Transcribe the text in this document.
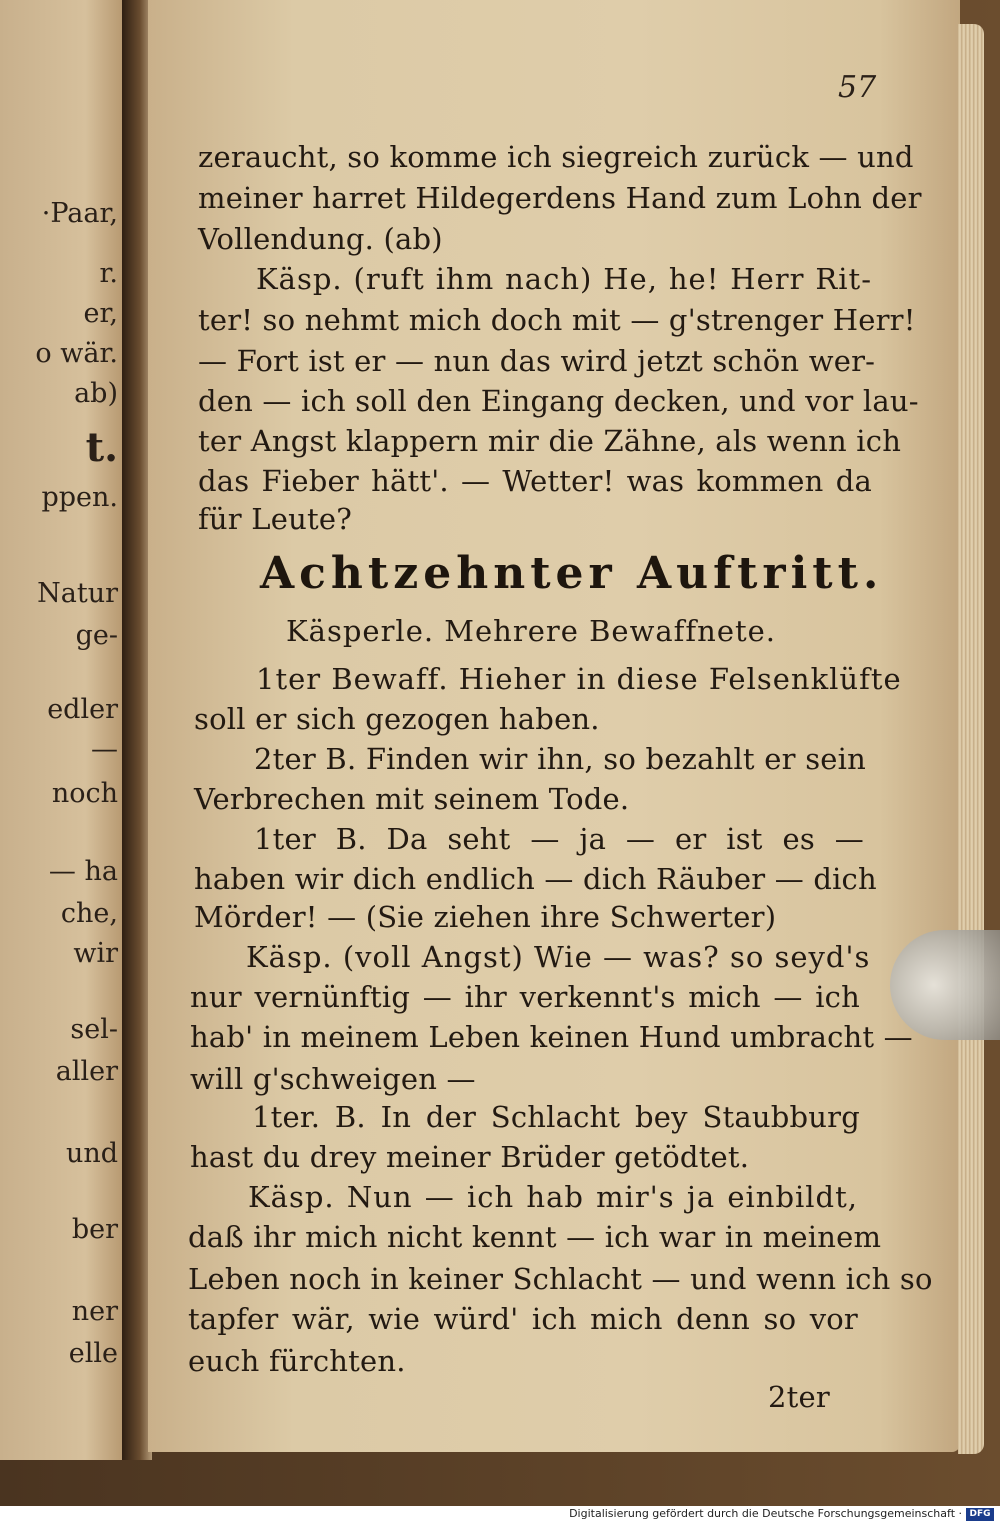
·Paar,
r.
er,
o wär.
ab)
t.
ppen.
Natur
ge-
edler
—
noch
— ha
che,
wir
sel-
aller
und
ber
ner
elle
57
zeraucht, so komme ich siegreich zurück — und
meiner harret Hildegerdens Hand zum Lohn der
Vollendung. (ab)
Käsp. (ruft ihm nach) He, he! Herr Rit-
ter! so nehmt mich doch mit — g'strenger Herr!
— Fort ist er — nun das wird jetzt schön wer-
den — ich soll den Eingang decken, und vor lau-
ter Angst klappern mir die Zähne, als wenn ich
das Fieber hätt'. — Wetter! was kommen da
für Leute?
Achtzehnter Auftritt.
Käsperle. Mehrere Bewaffnete.
1ter Bewaff. Hieher in diese Felsenklüfte
soll er sich gezogen haben.
2ter B. Finden wir ihn, so bezahlt er sein
Verbrechen mit seinem Tode.
1ter B. Da seht — ja — er ist es —
haben wir dich endlich — dich Räuber — dich
Mörder! — (Sie ziehen ihre Schwerter)
Käsp. (voll Angst) Wie — was? so seyd's
nur vernünftig — ihr verkennt's mich — ich
hab' in meinem Leben keinen Hund umbracht —
will g'schweigen —
1ter. B. In der Schlacht bey Staubburg
hast du drey meiner Brüder getödtet.
Käsp. Nun — ich hab mir's ja einbildt,
daß ihr mich nicht kennt — ich war in meinem
Leben noch in keiner Schlacht — und wenn ich so
tapfer wär, wie würd' ich mich denn so vor
euch fürchten.
2ter
Digitalisierung gefördert durch die Deutsche Forschungsgemeinschaft · DFG
